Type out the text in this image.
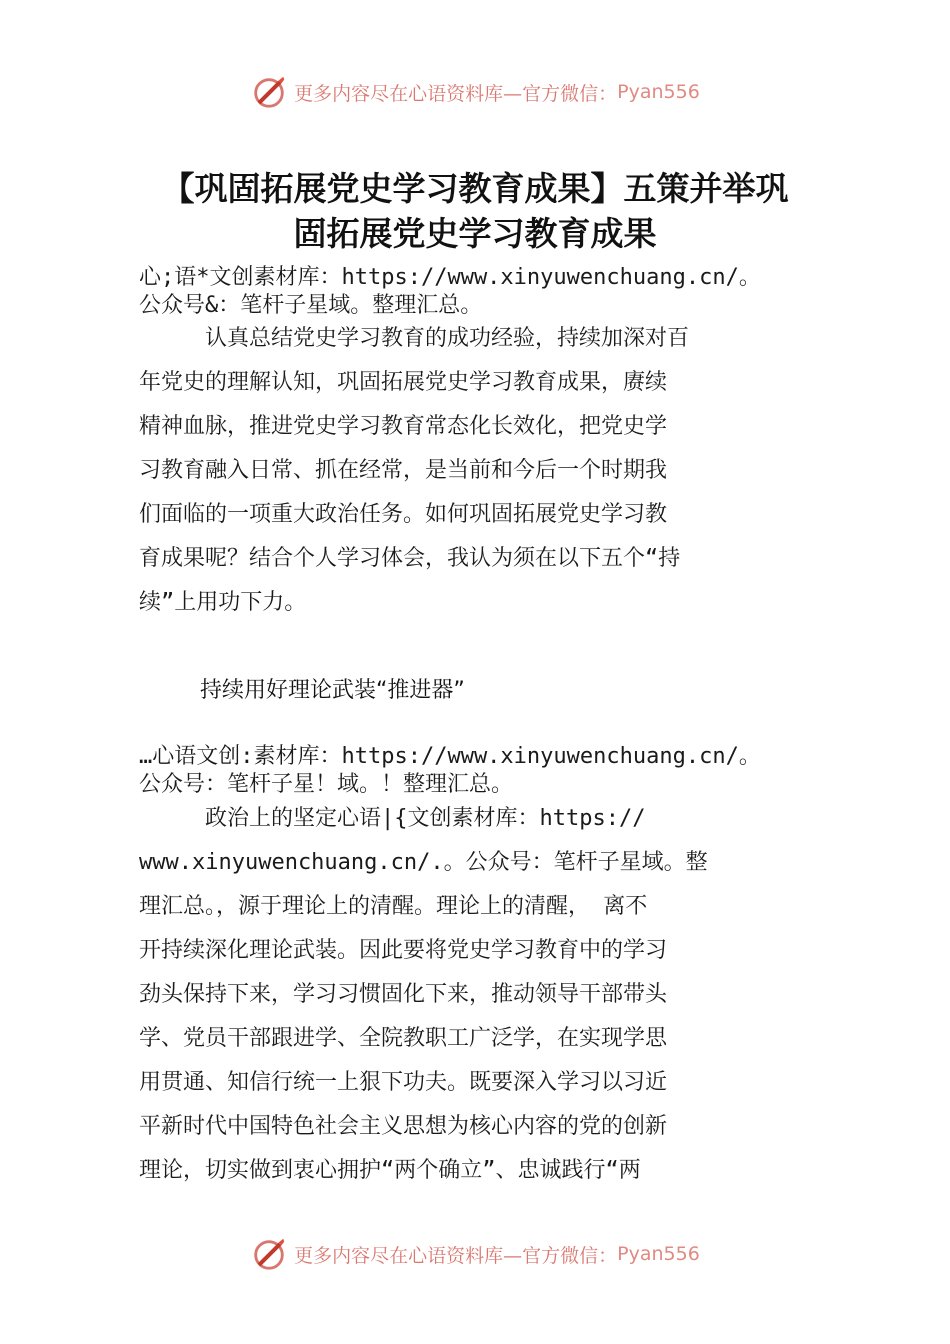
更多内容尽在心语资料库—官方微信： Pyan556
【巩固拓展党史学习教育成果】五策并举巩
固拓展党史学习教育成果
心;语*文创素材库：https://www.xinyuwenchuang.cn/。
公众号&：笔杆子星域。整理汇总。
认真总结党史学习教育的成功经验，持续加深对百
年党史的理解认知，巩固拓展党史学习教育成果，赓续
精神血脉，推进党史学习教育常态化长效化，把党史学
习教育融入日常、抓在经常，是当前和今后一个时期我
们面临的一项重大政治任务。如何巩固拓展党史学习教
育成果呢？结合个人学习体会，我认为须在以下五个“持
续”上用功下力。
持续用好理论武装“推进器”
…心语文创:素材库：https://www.xinyuwenchuang.cn/。
公众号：笔杆子星！域。！整理汇总。
政治上的坚定心语|{文创素材库：https://
www.xinyuwenchuang.cn/.。公众号：笔杆子星域。整
理汇总。，源于理论上的清醒。理论上的清醒， 离不
开持续深化理论武装。因此要将党史学习教育中的学习
劲头保持下来，学习习惯固化下来，推动领导干部带头
学、党员干部跟进学、全院教职工广泛学，在实现学思
用贯通、知信行统一上狠下功夫。既要深入学习以习近
平新时代中国特色社会主义思想为核心内容的党的创新
理论，切实做到衷心拥护“两个确立”、忠诚践行“两
更多内容尽在心语资料库—官方微信： Pyan556
